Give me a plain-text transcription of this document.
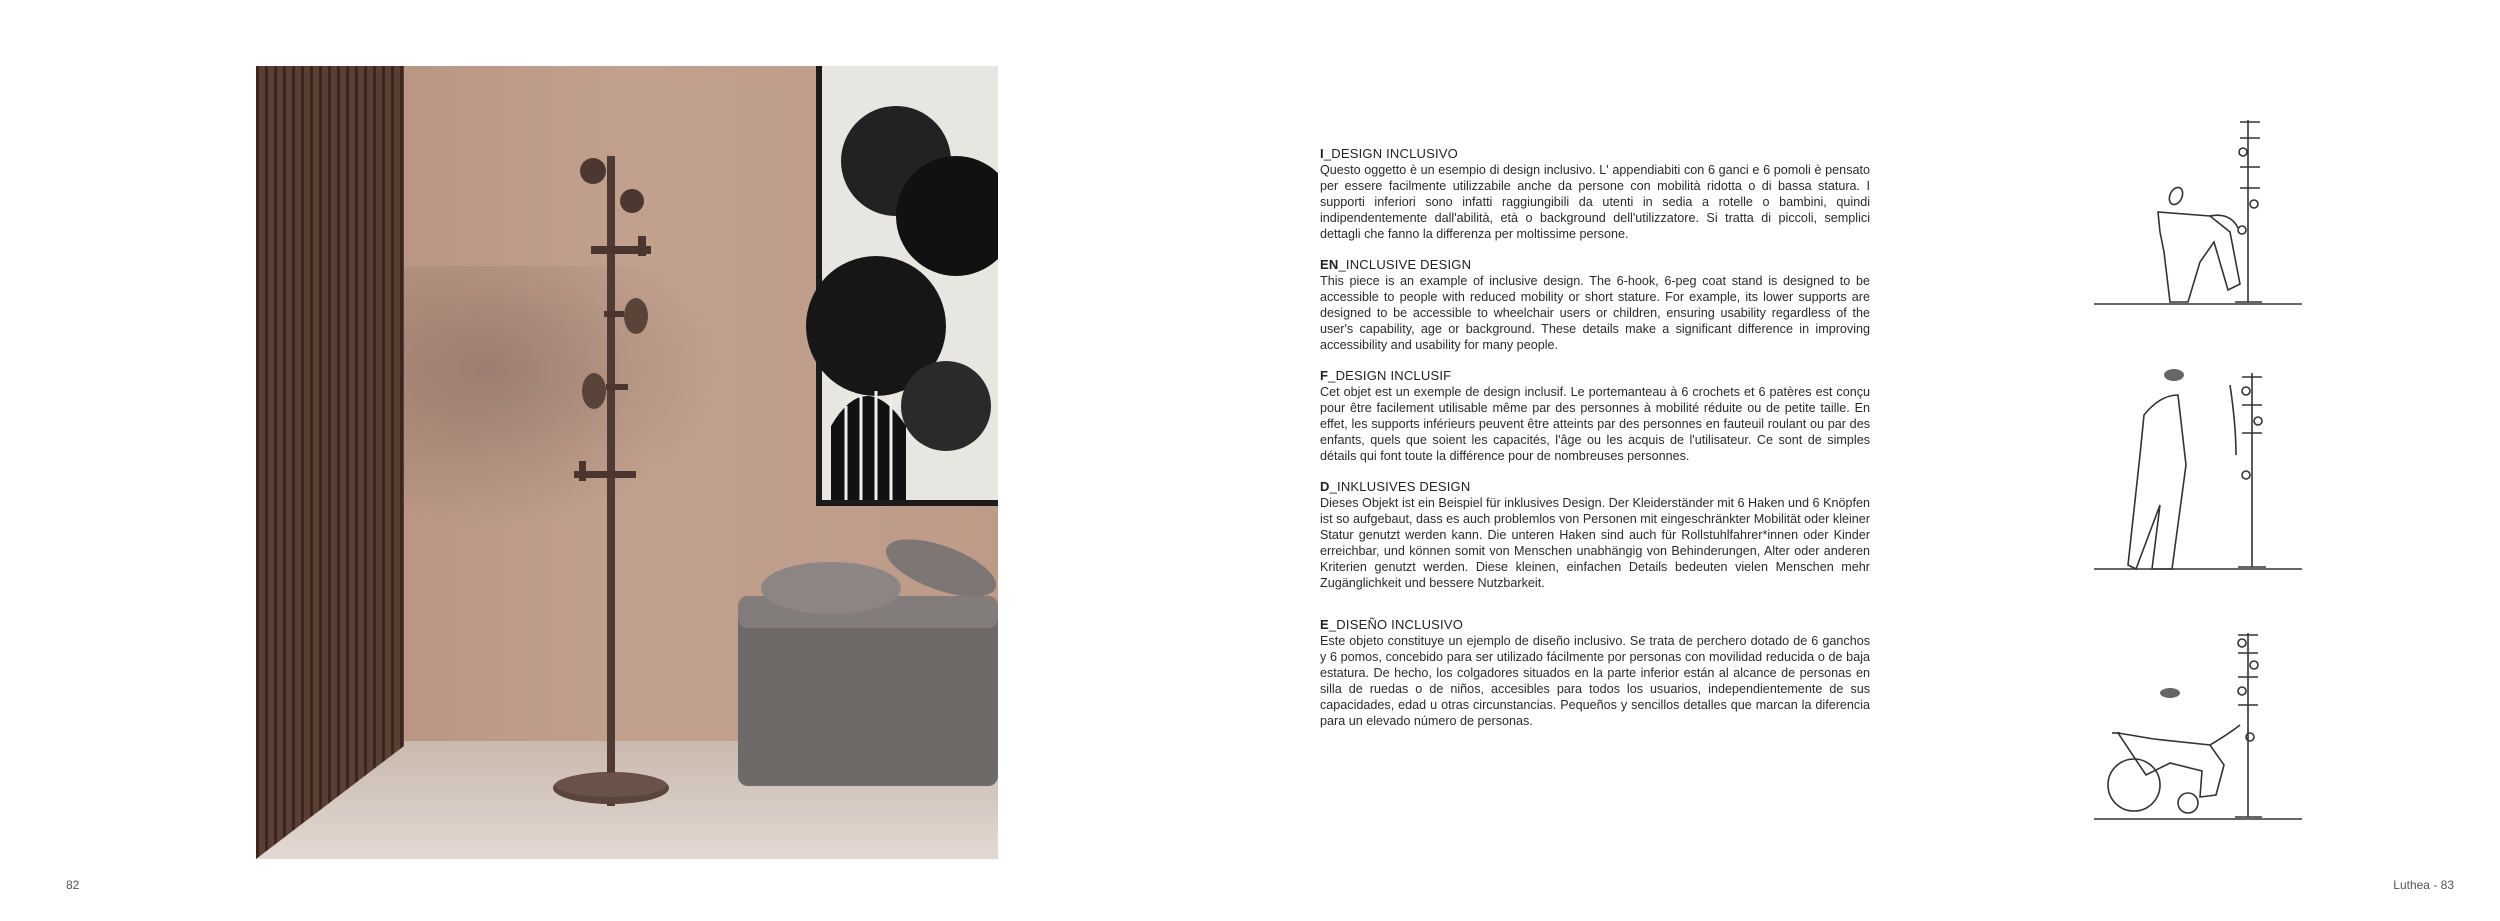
I_DESIGN INCLUSIVO

Questo oggetto è un esempio di design inclusivo. L' appendiabiti con 6 ganci e 6 pomoli è pensato per essere facilmente utilizzabile anche da persone con mobilità ridotta o di bassa statura. I supporti inferiori sono infatti raggiungibili da utenti in sedia a rotelle o bambini, quindi indipendentemente dall'abilità, età o background dell'utilizzatore. Si tratta di piccoli, semplici dettagli che fanno la differenza per moltissime persone.

EN_INCLUSIVE DESIGN

This piece is an example of inclusive design. The 6-hook, 6-peg coat stand is designed to be accessible to people with reduced mobility or short stature. For example, its lower supports are designed to be accessible to wheelchair users or children, ensuring usability regardless of the user's capability, age or background. These details make a significant difference in improving accessibility and usability for many people.

F_DESIGN INCLUSIF

Cet objet est un exemple de design inclusif. Le portemanteau à 6 crochets et 6 patères est conçu pour être facilement utilisable même par des personnes à mobilité réduite ou de petite taille. En effet, les supports inférieurs peuvent être atteints par des personnes en fauteuil roulant ou par des enfants, quels que soient les capacités, l'âge ou les acquis de l'utilisateur. Ce sont de simples détails qui font toute la différence pour de nombreuses personnes.

D_INKLUSIVES DESIGN

Dieses Objekt ist ein Beispiel für inklusives Design. Der Kleiderständer mit 6 Haken und 6 Knöpfen ist so aufgebaut, dass es auch problemlos von Personen mit eingeschränkter Mobilität oder kleiner Statur genutzt werden kann. Die unteren Haken sind auch für Rollstuhlfahrer*innen oder Kinder erreichbar, und können somit von Menschen unabhängig von Behinderungen, Alter oder anderen Kriterien genutzt werden. Diese kleinen, einfachen Details bedeuten vielen Menschen mehr Zugänglichkeit und bessere Nutzbarkeit.

E_DISEÑO INCLUSIVO

Este objeto constituye un ejemplo de diseño inclusivo. Se trata de perchero dotado de 6 ganchos y 6 pomos, concebido para ser utilizado fácilmente por personas con movilidad reducida o de baja estatura. De hecho, los colgadores situados en la parte inferior están al alcance de personas en silla de ruedas o de niños, accesibles para todos los usuarios, independientemente de sus capacidades, edad u otras circunstancias. Pequeños y sencillos detalles que marcan la diferencia para un elevado número de personas.

82	Luthea - 83
